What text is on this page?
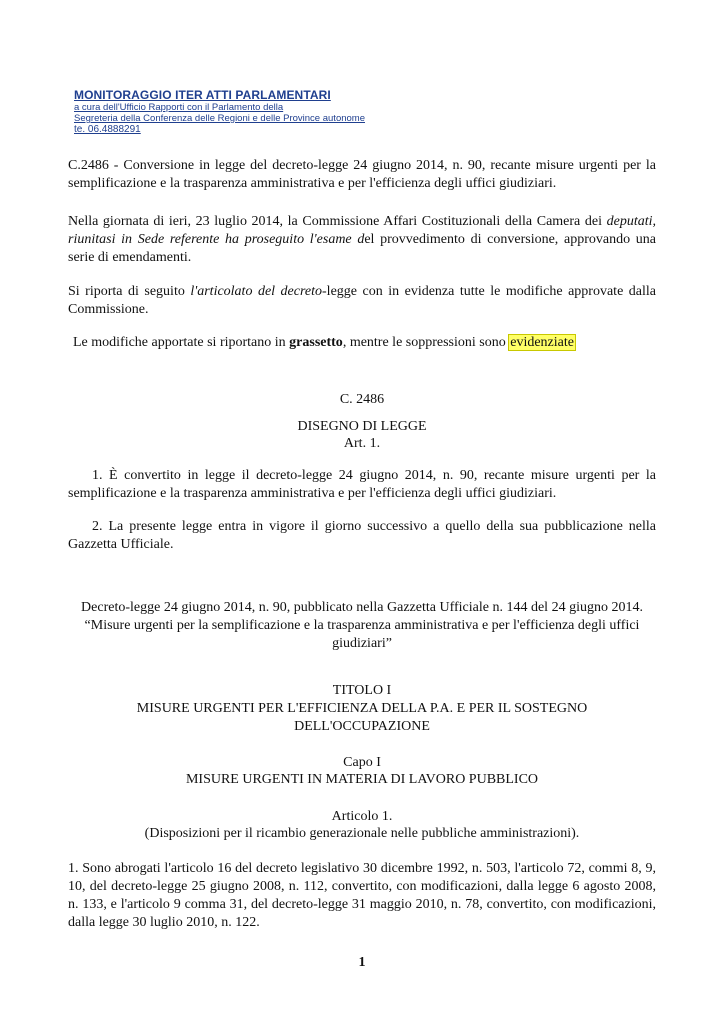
MONITORAGGIO ITER ATTI PARLAMENTARI
a cura dell'Ufficio Rapporti con il Parlamento della
Segreteria della Conferenza delle Regioni e delle Province autonome
te. 06.4888291
C.2486 - Conversione in legge del decreto-legge 24 giugno 2014, n. 90, recante misure urgenti per la semplificazione e la trasparenza amministrativa e per l'efficienza degli uffici giudiziari.
Nella giornata di ieri, 23 luglio 2014, la Commissione Affari Costituzionali della Camera dei deputati, riunitasi in Sede referente ha proseguito l'esame del provvedimento di conversione, approvando una serie di emendamenti.
Si riporta di seguito l'articolato del decreto-legge con in evidenza tutte le modifiche approvate dalla Commissione.
Le modifiche apportate si riportano in grassetto, mentre le soppressioni sono evidenziate
C. 2486
DISEGNO DI LEGGE
Art. 1.
1. È convertito in legge il decreto-legge 24 giugno 2014, n. 90, recante misure urgenti per la semplificazione e la trasparenza amministrativa e per l'efficienza degli uffici giudiziari.
2. La presente legge entra in vigore il giorno successivo a quello della sua pubblicazione nella Gazzetta Ufficiale.
Decreto-legge 24 giugno 2014, n. 90, pubblicato nella Gazzetta Ufficiale n. 144 del 24 giugno 2014.
“Misure urgenti per la semplificazione e la trasparenza amministrativa e per l'efficienza degli uffici giudiziari”
TITOLO I
MISURE URGENTI PER L'EFFICIENZA DELLA P.A. E PER IL SOSTEGNO DELL'OCCUPAZIONE
Capo I
MISURE URGENTI IN MATERIA DI LAVORO PUBBLICO
Articolo 1.
(Disposizioni per il ricambio generazionale nelle pubbliche amministrazioni).
1. Sono abrogati l'articolo 16 del decreto legislativo 30 dicembre 1992, n. 503, l'articolo 72, commi 8, 9, 10, del decreto-legge 25 giugno 2008, n. 112, convertito, con modificazioni, dalla legge 6 agosto 2008, n. 133, e l'articolo 9 comma 31, del decreto-legge 31 maggio 2010, n. 78, convertito, con modificazioni, dalla legge 30 luglio 2010, n. 122.
1
